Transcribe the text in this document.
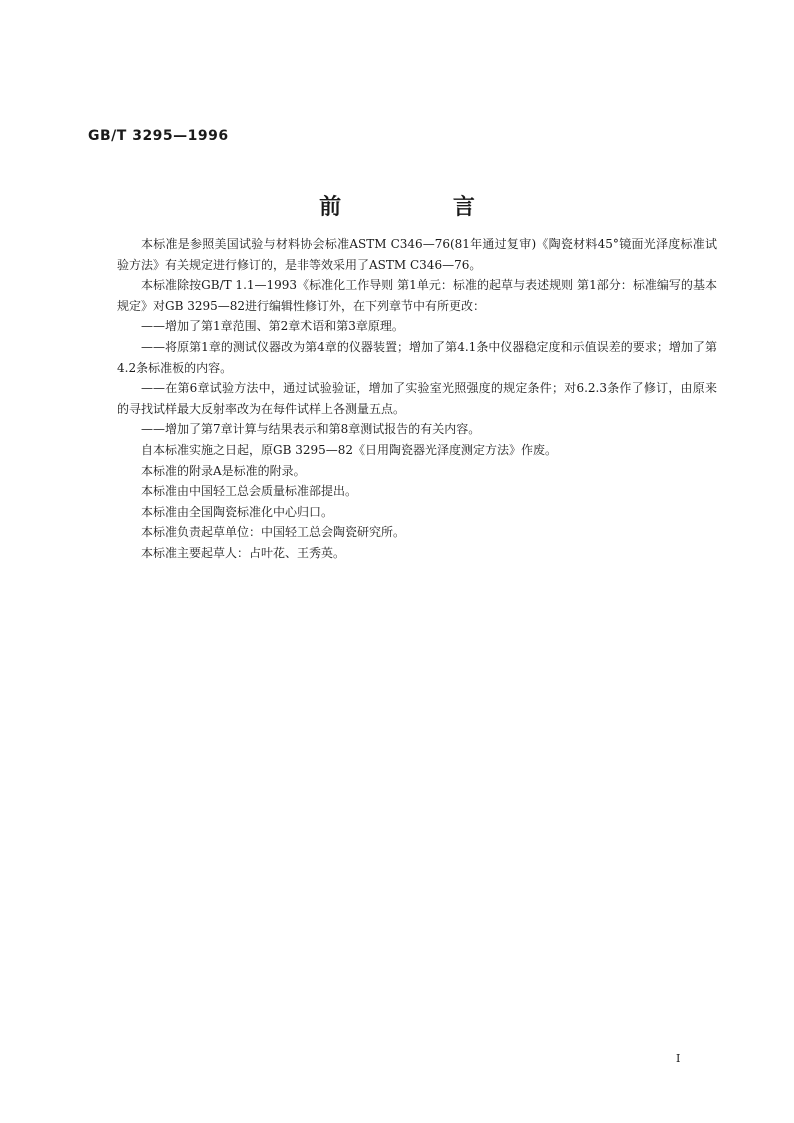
GB/T 3295—1996
前 言

本标准是参照美国试验与材料协会标准ASTM C346—76(81年通过复审)《陶瓷材料45°镜面光泽度标准试验方法》有关规定进行修订的，是非等效采用了ASTM C346—76。

本标准除按GB/T 1.1—1993《标准化工作导则 第1单元：标准的起草与表述规则 第1部分：标准编写的基本规定》对GB 3295—82进行编辑性修订外，在下列章节中有所更改：

——增加了第1章范围、第2章术语和第3章原理。

——将原第1章的测试仪器改为第4章的仪器装置；增加了第4.1条中仪器稳定度和示值误差的要求；增加了第4.2条标准板的内容。

——在第6章试验方法中，通过试验验证，增加了实验室光照强度的规定条件；对6.2.3条作了修订，由原来的寻找试样最大反射率改为在每件试样上各测量五点。

——增加了第7章计算与结果表示和第8章测试报告的有关内容。

自本标准实施之日起，原GB 3295—82《日用陶瓷器光泽度测定方法》作废。

本标准的附录A是标准的附录。

本标准由中国轻工总会质量标准部提出。

本标准由全国陶瓷标准化中心归口。

本标准负责起草单位：中国轻工总会陶瓷研究所。

本标准主要起草人：占叶花、王秀英。

I
